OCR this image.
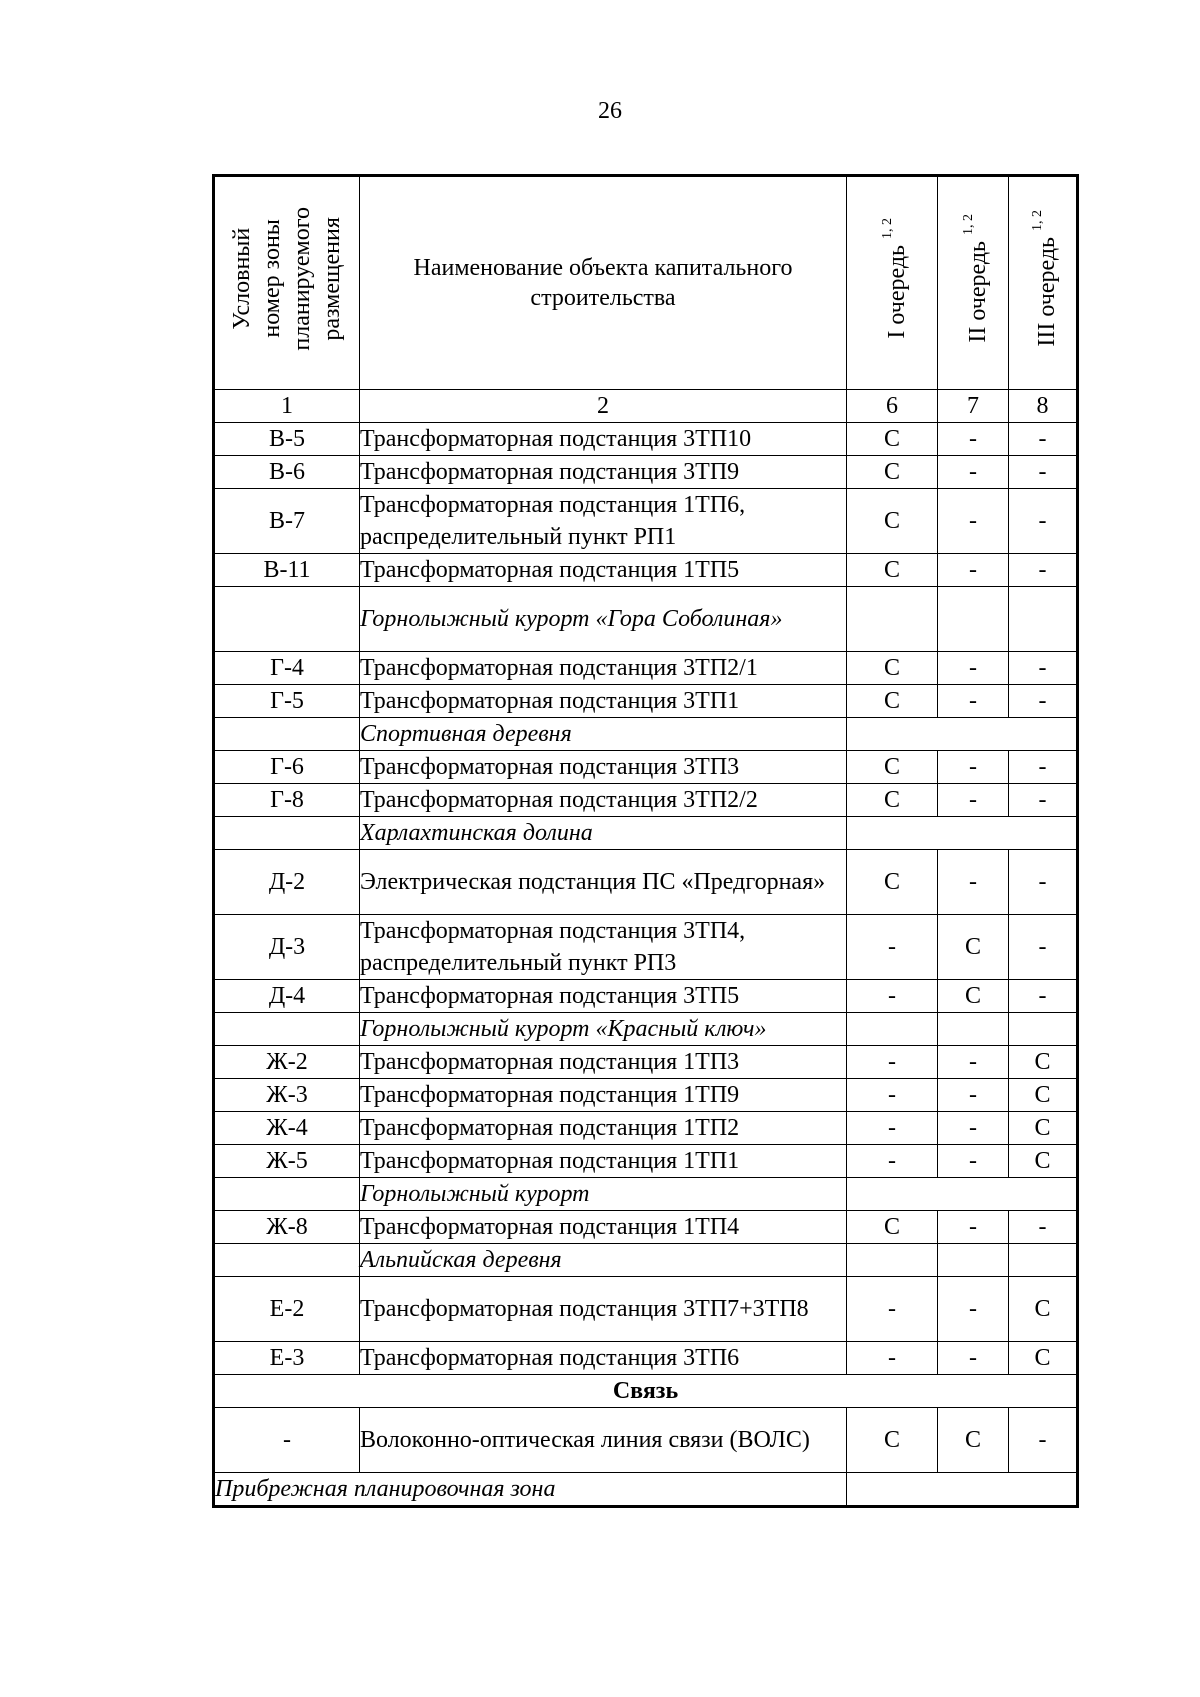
26
Условный номер зоны планируемого размещения	Наименование объекта капитального строительства	I очередь $^{1, 2}$	II очередь $^{1, 2}$	III очередь $^{1, 2}$
1	2	6	7	8
В-5	Трансформаторная подстанция 3ТП10	С	-	-
В-6	Трансформаторная подстанция 3ТП9	С	-	-
В-7	Трансформаторная подстанция 1ТП6, распределительный пункт РП1	С	-	-
В-11	Трансформаторная подстанция 1ТП5	С	-	-
	Горнолыжный курорт «Гора Соболиная»			
Г-4	Трансформаторная подстанция 3ТП2/1	С	-	-
Г-5	Трансформаторная подстанция 3ТП1	С	-	-
	Спортивная деревня			
Г-6	Трансформаторная подстанция 3ТП3	С	-	-
Г-8	Трансформаторная подстанция 3ТП2/2	С	-	-
	Харлахтинская долина			
Д-2	Электрическая подстанция ПС «Предгорная»	С	-	-
Д-3	Трансформаторная подстанция 3ТП4, распределительный пункт РП3	-	С	-
Д-4	Трансформаторная подстанция 3ТП5	-	С	-
	Горнолыжный курорт «Красный ключ»			
Ж-2	Трансформаторная подстанция 1ТП3	-	-	С
Ж-3	Трансформаторная подстанция 1ТП9	-	-	С
Ж-4	Трансформаторная подстанция 1ТП2	-	-	С
Ж-5	Трансформаторная подстанция 1ТП1	-	-	С
	Горнолыжный курорт			
Ж-8	Трансформаторная подстанция 1ТП4	С	-	-
	Альпийская деревня			
Е-2	Трансформаторная подстанция 3ТП7+3ТП8	-	-	С
Е-3	Трансформаторная подстанция 3ТП6	-	-	С
Связь				
-	Волоконно-оптическая линия связи (ВОЛС)	С	С	-
Прибрежная планировочная зона				
